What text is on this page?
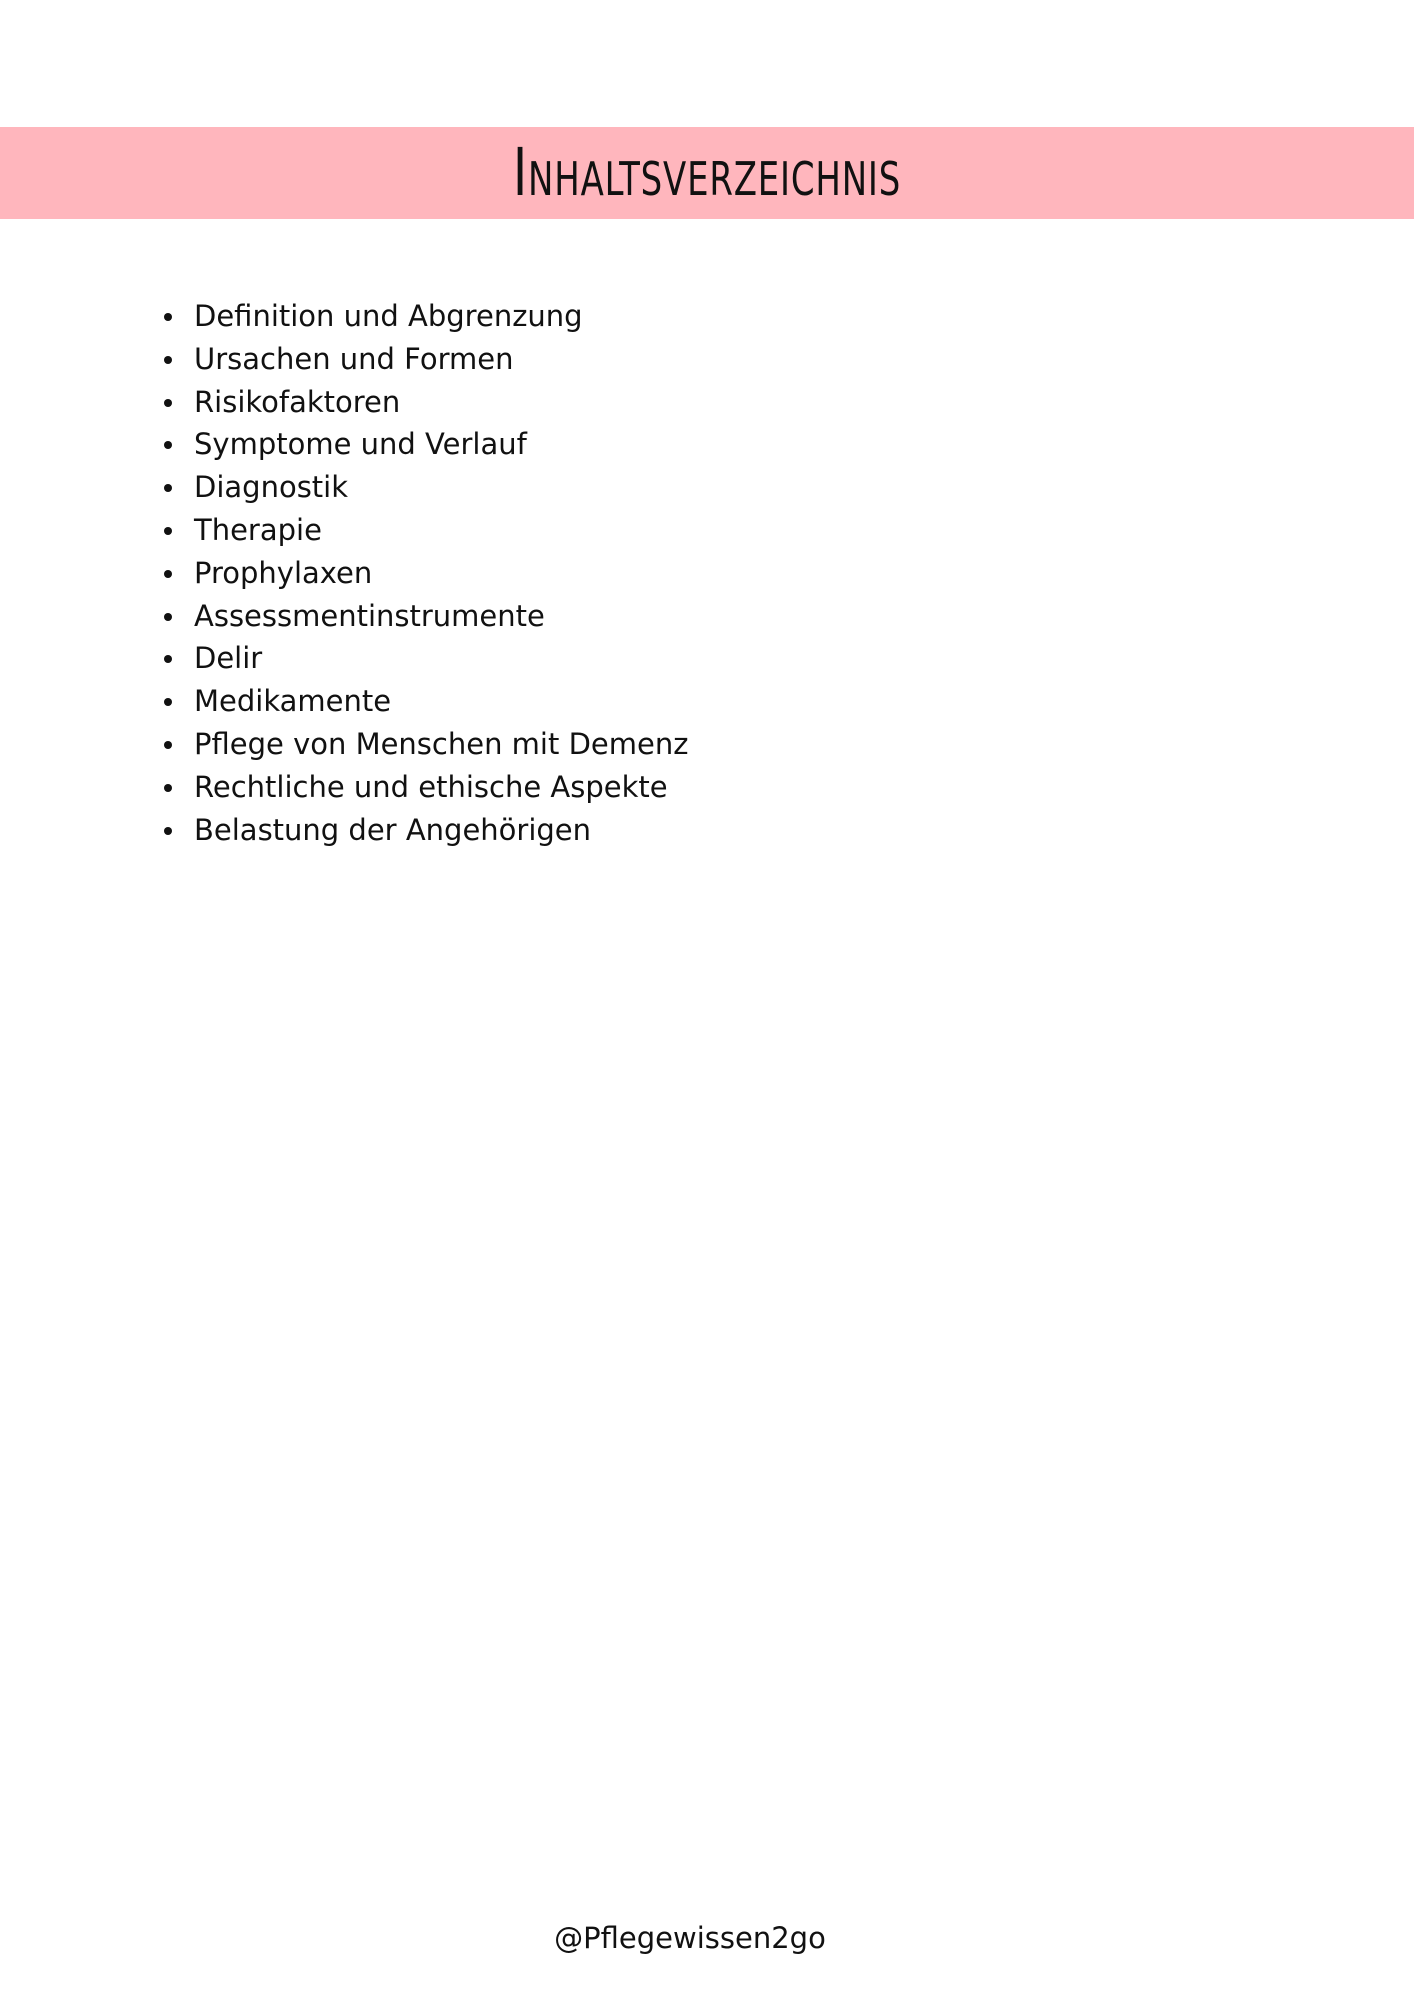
Inhaltsverzeichnis
Definition und Abgrenzung
Ursachen und Formen
Risikofaktoren
Symptome und Verlauf
Diagnostik
Therapie
Prophylaxen
Assessmentinstrumente
Delir
Medikamente
Pflege von Menschen mit Demenz
Rechtliche und ethische Aspekte
Belastung der Angehörigen
@Pflegewissen2go
